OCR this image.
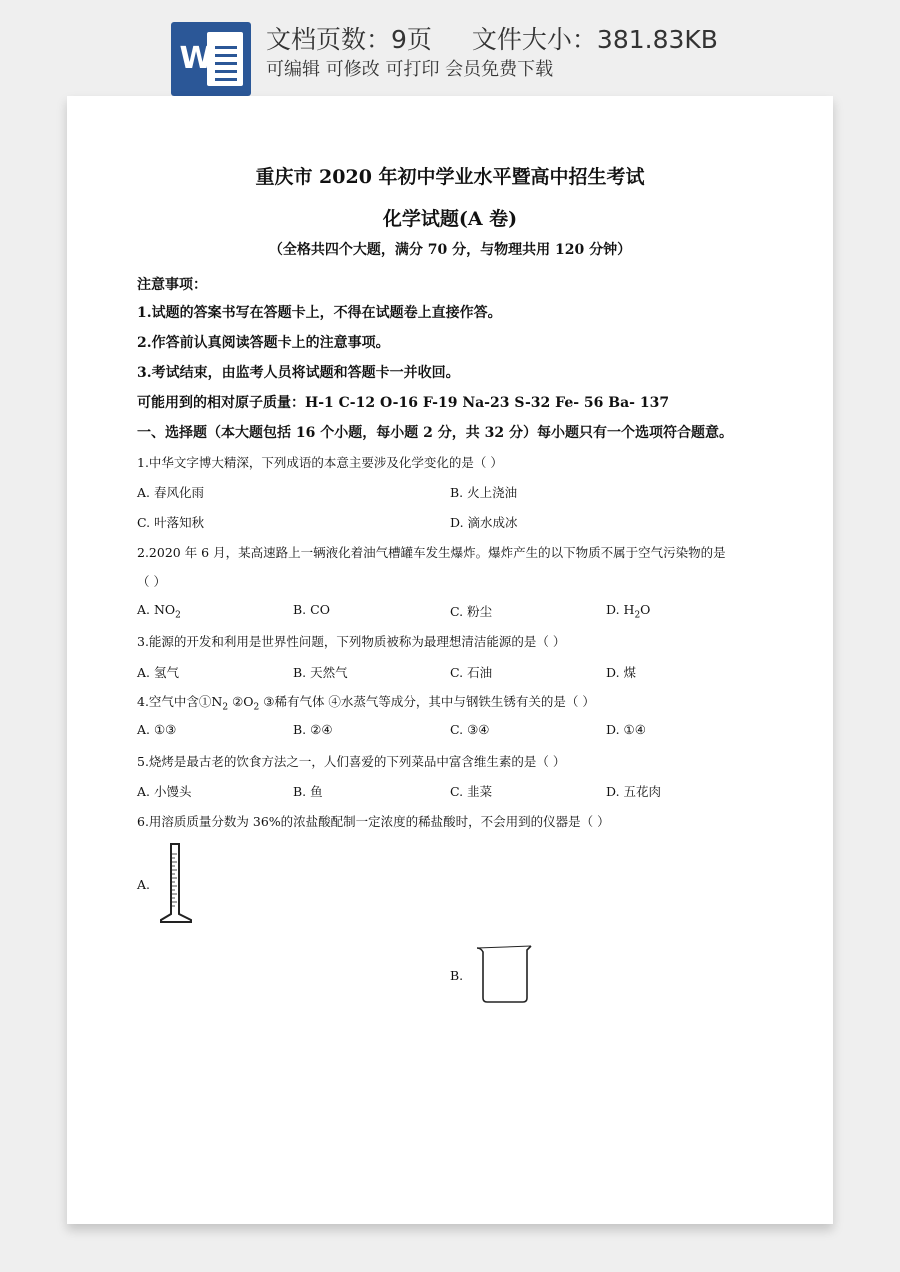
W
文档页数：9页 文件大小：381.83KB
可编辑 可修改 可打印 会员免费下载
重庆市 2020 年初中学业水平暨高中招生考试
化学试题(A 卷)
（全格共四个大题，满分 70 分，与物理共用 120 分钟）
注意事项：
1.试题的答案书写在答题卡上，不得在试题卷上直接作答。
2.作答前认真阅读答题卡上的注意事项。
3.考试结束，由监考人员将试题和答题卡一并收回。
可能用到的相对原子质量：H-1 C-12 O-16 F-19 Na-23 S-32 Fe- 56 Ba- 137
一、选择题（本大题包括 16 个小题，每小题 2 分，共 32 分）每小题只有一个选项符合题意。
1.中华文字博大精深，下列成语的本意主要涉及化学变化的是（ ）
A. 春风化雨	B. 火上浇油
C. 叶落知秋	D. 滴水成冰
2.2020 年 6 月，某高速路上一辆液化着油气槽罐车发生爆炸。爆炸产生的以下物质不属于空气污染物的是
（ ）
A. $NO_2$	B. CO	C. 粉尘	D. $H_2O$
3.能源的开发和利用是世界性问题，下列物质被称为最理想清洁能源的是（ ）
A. 氢气	B. 天然气	C. 石油	D. 煤
4.空气中含$①N_2$ $②O_2$ ③稀有气体 ④水蒸气等成分，其中与钢铁生锈有关的是（ ）
A. ①③	B. ②④	C. ③④	D. ①④
5.烧烤是最古老的饮食方法之一，人们喜爱的下列菜品中富含维生素的是（ ）
A. 小馒头	B. 鱼	C. 韭菜	D. 五花肉
6.用溶质质量分数为 36%的浓盐酸配制一定浓度的稀盐酸时，不会用到的仪器是（ ）
A.
B.
